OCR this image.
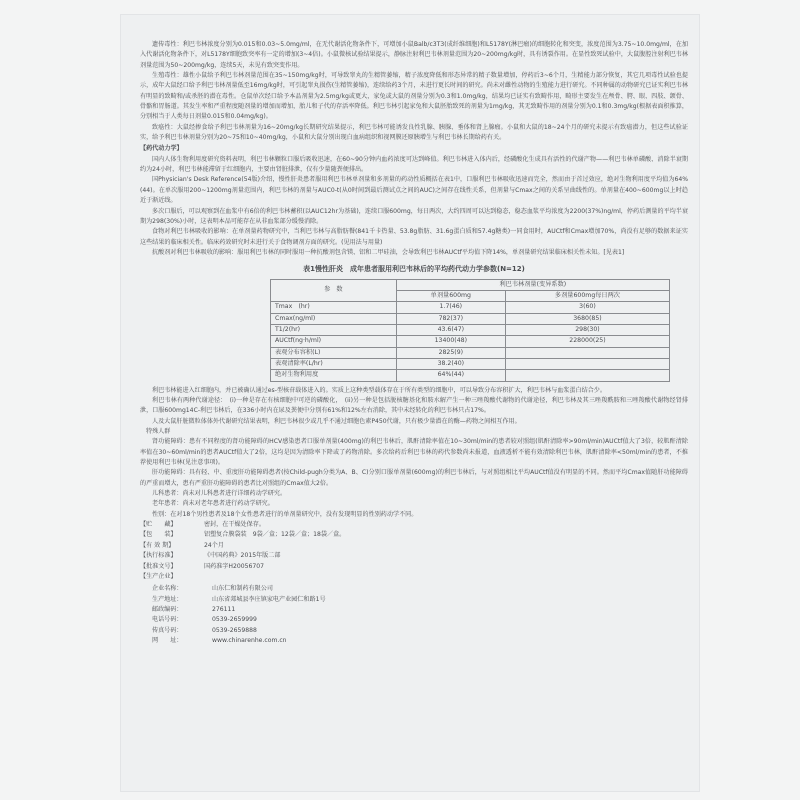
遗传毒性：利巴韦林浓度分别为0.015和0.03~5.0mg/ml，在无代谢活化物条件下，可增加小鼠Balb/c3T3(成纤维细胞)和L5178Y(淋巴瘤)的细胞转化和突变，浓度范围为3.75~10.0mg/ml，在加入代谢活化物条件下，对L5178Y细胞致突率有一定的增加(3~4倍)。小鼠微核试验结果提示，静脉注射利巴韦林剂量范围为20~200mg/kg时，具有诱裂作用。在显性致死试验中，大鼠腹腔注射利巴韦林剂量范围为50~200mg/kg，连续5天，未见有致突变作用。

生殖毒性：雄性小鼠给予利巴韦林剂量范围在35~150mg/kg时，可导致睾丸的生精管萎缩，精子浓度降低和形态异常的精子数量增加，停药后3~6个月，生精能力部分恢复，其它几项毒性试验也提示，成年大鼠经口给予利巴韦林剂量低至16mg/kg时，可引起睾丸损伤(生精管萎缩)，连续给药3个月，未进行更长时间的研究。尚未对雌性动物的生殖能力进行研究。不同种属的动物研究已证实利巴韦林有明显的致畸和/或杀胚的潜在毒性。仓鼠单次经口给予本品剂量为2.5mg/kg或更大，家兔或大鼠的剂量分别为0.3和1.0mg/kg，结果均已证实有致畸作用，畸形主要发生在颅骨、腭、眼、四肢、颌骨、骨骼和胃肠道。其发生率和严重程度随剂量的增加而增加，胎儿和子代的存活率降低。利巴韦林引起家兔和大鼠胚胎致死的剂量为1mg/kg，其无致畸作用的剂量分别为0.1和0.3mg/kg(根据表面积推算，分别相当于人类每日剂量0.015和0.04mg/kg)。

致癌性：大鼠经掺食给予利巴韦林剂量为16~20mg/kg长期研究结果提示，利巴韦林可能诱发良性乳腺、胰腺、垂体和肾上腺瘤。小鼠和大鼠的18~24个月的研究未提示有致癌潜力，但这些试验证实，给予利巴韦林剂量分别为20~75和10~40mg/kg，小鼠和大鼠分别出现白血病组织和视网膜还原胰增生与利巴韦林长期给药有关。

【药代动力学】

国内人体生物利用度研究资料表明，利巴韦林颗粒口服后吸收迅速，在60~90分钟内血药浓度可达到峰值。利巴韦林进入体内后，经磷酸化生成具有活性的代谢产物——利巴韦林单磷酸、消除半衰期约为24小时，利巴韦林能滞留于红细胞内，主要由肾脏排泄，仅有少量随粪便排出。

国Physician's Desk Reference(54版)介绍，慢性肝炎患者服用利巴韦林单剂量和多剂量的药动性质概括在表1中，口服利巴韦林吸收迅速而完全，然而由于首过效应，绝对生物利用度平均值为64%(44)。在单次服用200~1200mg剂量范围内，利巴韦林的剂量与AUC0-t(从0时间到最后测试点之间的AUC)之间存在线性关系，但剂量与Cmax之间的关系呈曲线性的。单剂量在400~600mg以上时趋近于渐近线。

多次口服后，可以观察到在血浆中有6倍的利巴韦林蓄积(以AUC12hr为基础)，连续口服600mg，每日两次，大约四周可以达到稳态，稳态血浆平均浓度为2200(37%)ng/ml，停药后测量的平均半衰期为298(30%)小时，这表明本品可能存在从非血浆部分缓慢消除。

食物对利巴韦林吸收的影响：在单剂量药物研究中，当利巴韦林与高脂肪餐(841千卡热量、53.8g脂肪、31.6g蛋白质和57.4g糖类)一同食用时，AUCtf和Cmax增加70%，尚没有足够的数据来证实这些结果的临床相关性。临床药效研究时未进行关于食物调剂方面的研究。(见用法与用量)

抗酸剂对利巴韦林吸收的影响：服用利巴韦林的同时服用一种抗酸剂包含镁、铝和二甲硅油，会导致利巴韦林AUCtf平均值下降14%，单剂量研究结果临床相关性未知。[见表1]

表1慢性肝炎　成年患者服用利巴韦林后的平均药代动力学参数(N=12)
参　数	利巴韦林剂量(变异系数)	
	单剂量600mg	多剂量600mg每日两次
Tmax　(hr)	1.7(46)	3(60)
Cmax(ng/ml)	782(37)	3680(85)
T1/2(hr)	43.6(47)	298(30)
AUCtf(ng·h/ml)	13400(48)	228000(25)
表观分布容积(L)	2825(9)	
表观清除率(L/hr)	38.2(40)	
绝对生物利用度	64%(44)	

利巴韦林能进入红细胞内，并已被确认通过es-型核苷载体进入的。实质上这种类型载体存在于所有类型的细胞中，可以导致分布容积扩大，利巴韦林与血浆蛋白结合少。

利巴韦林有两种代谢途径：　(i)一种是存在有核细胞中可逆的磷酸化，　(ii)另一种是包括脱核糖基化和胺水解产生一种三唑羧酸代谢物的代谢途径，利巴韦林及其三唑羧酰胺和三唑羧酸代谢物经肾排泄，口服600mg14C-利巴韦林后，在336小时内在尿及粪便中分别有61%和12%左右消除，其中未经转化的利巴韦林只占17%。

人及大鼠肝脏微粒体体外代谢研究结果表明，利巴韦林很少或几乎不通过细胞色素P450代谢，只有极少量潜在的酶—药物之间相互作用。

特殊人群

肾功能障碍：患有不同程度的肾功能障碍的HCV感染患者口服单剂量(400mg)的利巴韦林后，肌酐清除率值在10~30ml/min的患者较对照组(肌酐清除率>90ml/min)AUCtf值大了3倍，较肌酐清除率值在30~60ml/min的患者AUCtf值大了2倍，这均是因为清除率下降或了药物消除。多次给药后利巴韦林的药代参数尚未报道，血液透析不能有效清除利巴韦林，肌酐清除率<50ml/min的患者，不推荐使用利巴韦林(见注意事项)。

肝功能障碍：具有轻、中、重度肝功能障碍患者(按Child-pugh分类为A、B、C)分别口服单剂量(600mg)的利巴韦林后，与对照组相比平均AUCtf值没有明显的不同。然而平均Cmax值随肝功能障碍的严重而增大，患有严重肝功能障碍的患者比对照组的Cmax值大2倍。

儿科患者：尚未对儿科患者进行详细药动学研究。

老年患者：尚未对老年患者进行药动学研究。

性别：在对18个男性患者及18个女性患者进行的单剂量研究中，没有发现明显的性别药动学不同。

【贮　　藏】	密封，在干燥处保存。

【包　　装】	铝塑复合膜袋装　9袋／盒；12袋／盒；18袋／盒。

【有 效 期】	24个月

【执行标准】	《中国药典》2015年版二部

【批准文号】	国药准字H20056707

【生产企业】

企业名称：	山东仁和制药有限公司

生产地址：	山东省郯城县李庄镇家电产业园仁和路1号

邮政编码：	276111

电话号码：	0539-2659999

传真号码：	0539-2659888

网　　址：	www.chinarenhe.com.cn
